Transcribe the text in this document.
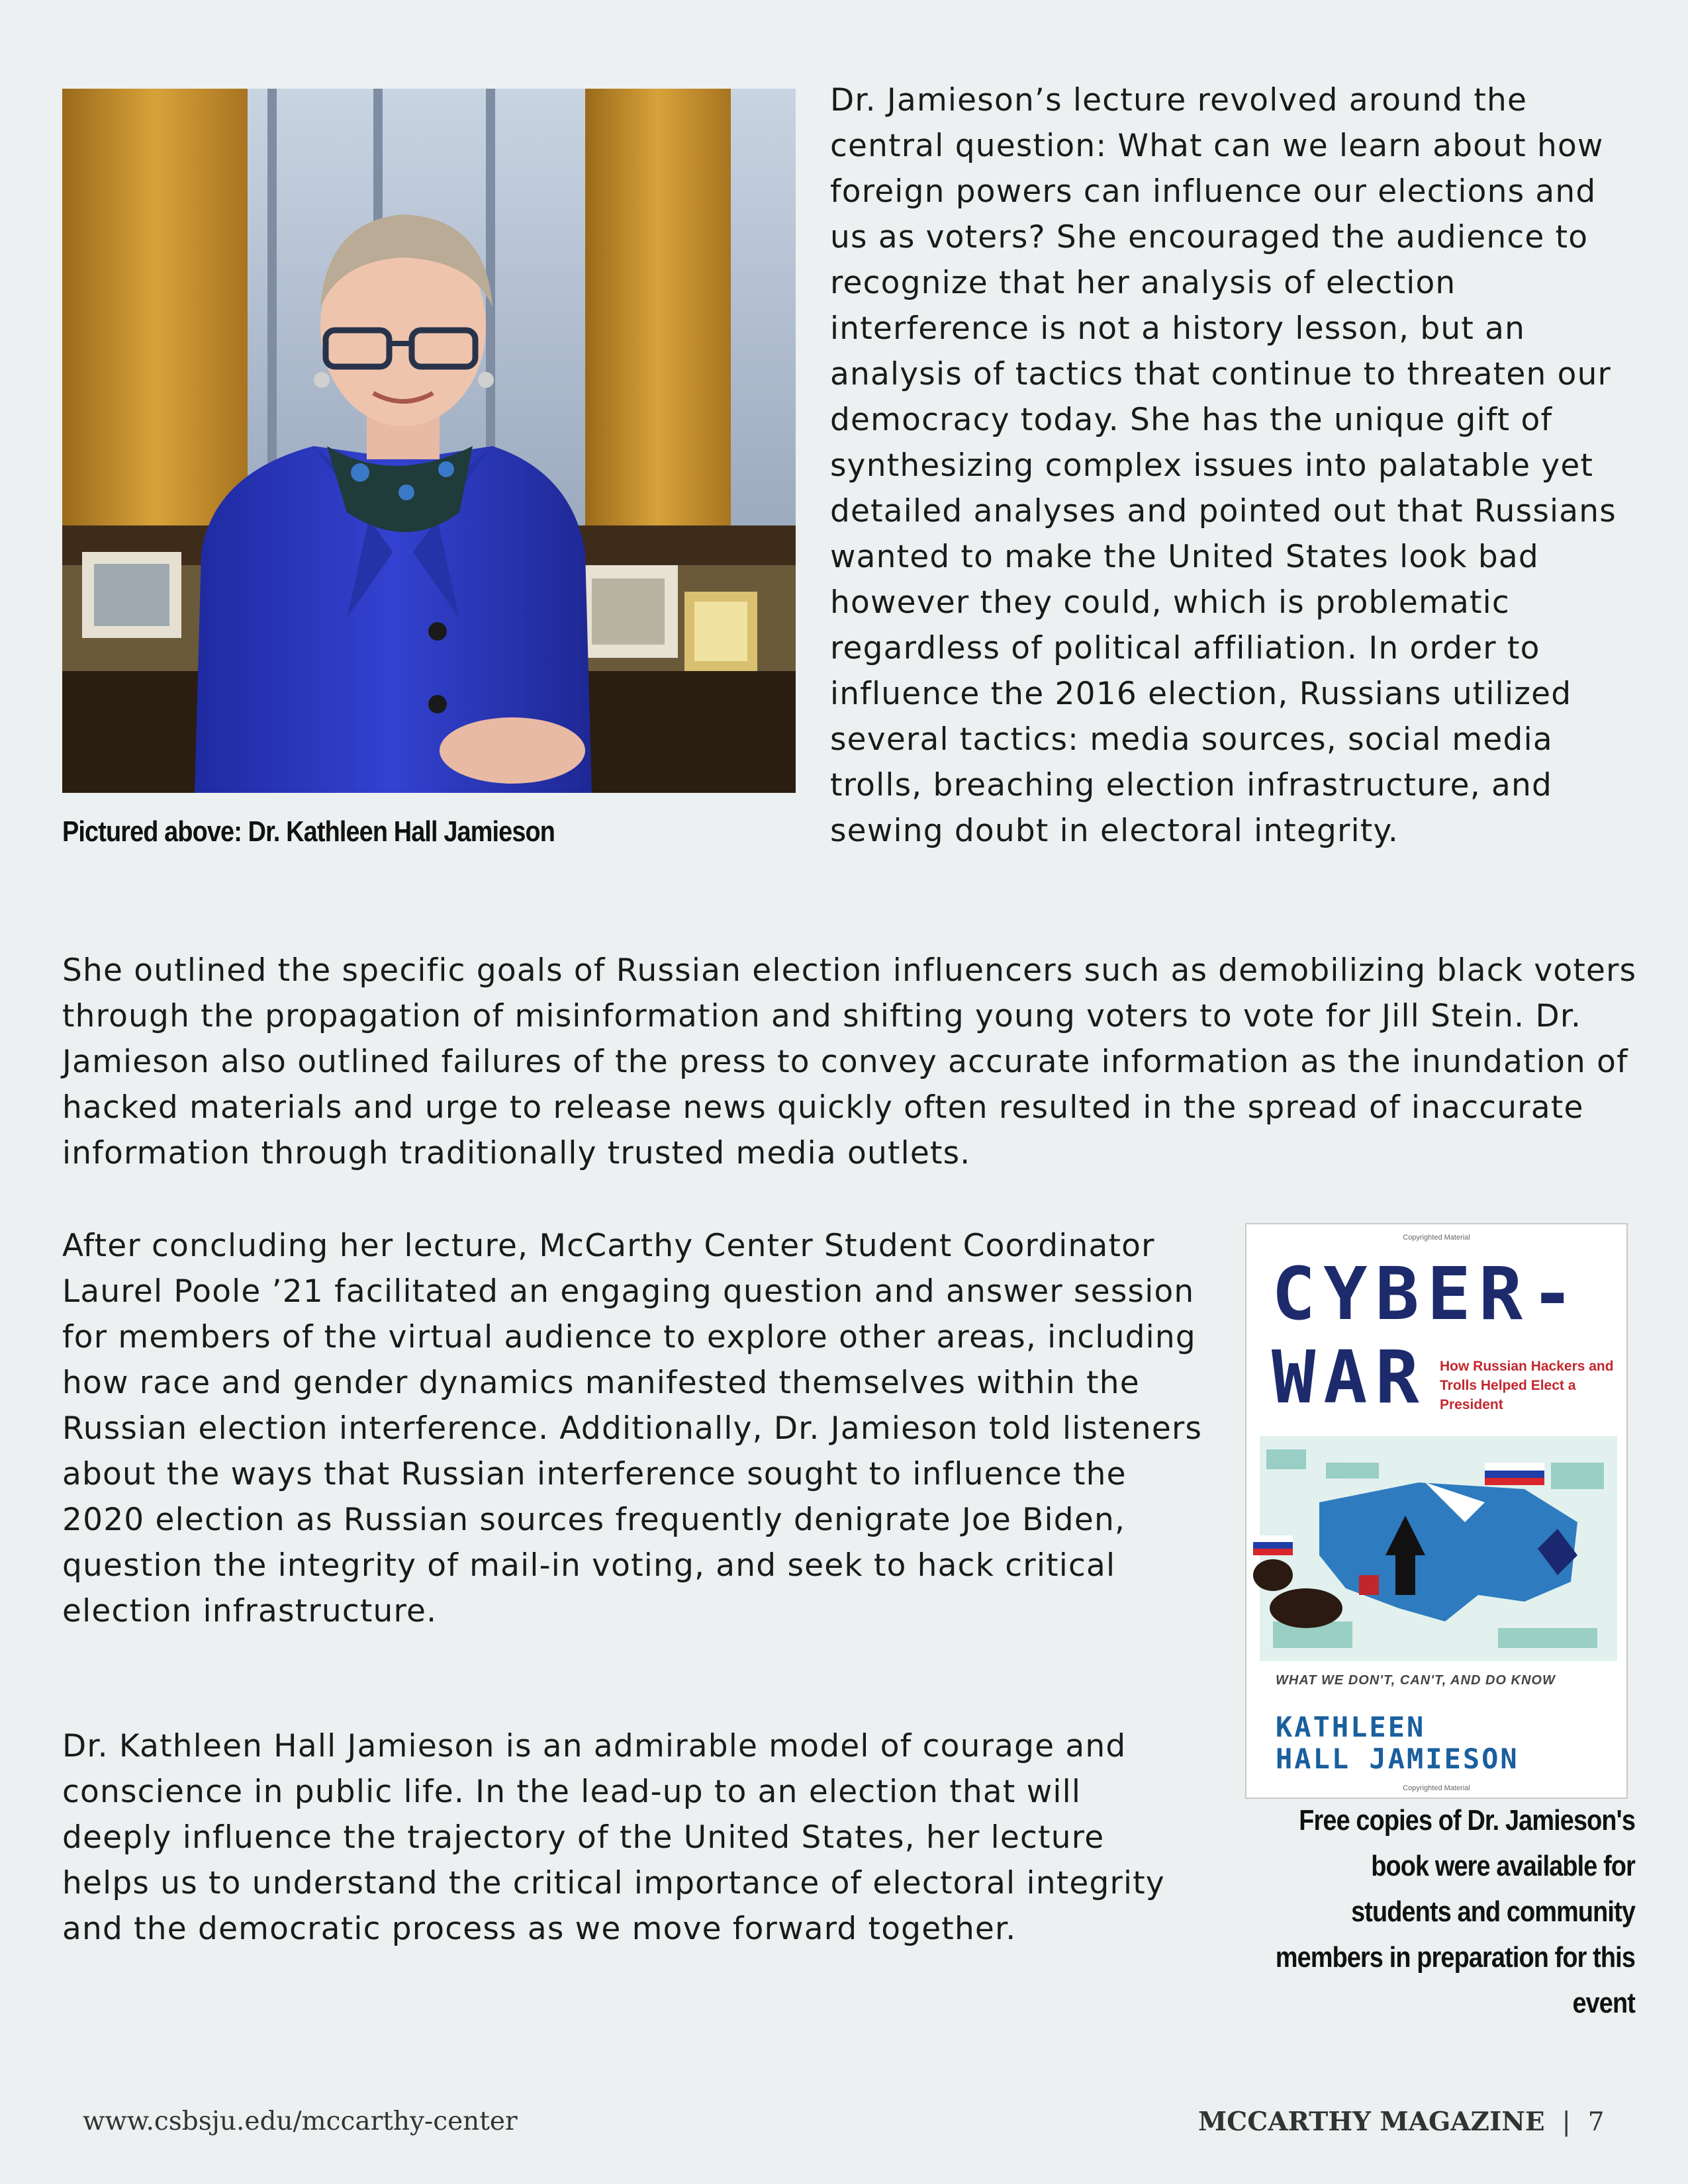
Pictured above: Dr. Kathleen Hall Jamieson

Dr. Jamieson’s lecture revolved around the central question: What can we learn about how foreign powers can influence our elections and us as voters? She encouraged the audience to recognize that her analysis of election interference is not a history lesson, but an analysis of tactics that continue to threaten our democracy today. She has the unique gift of synthesizing complex issues into palatable yet detailed analyses and pointed out that Russians wanted to make the United States look bad however they could, which is problematic regardless of political affiliation. In order to influence the 2016 election, Russians utilized several tactics: media sources, social media trolls, breaching election infrastructure, and sewing doubt in electoral integrity.

She outlined the specific goals of Russian election influencers such as demobilizing black voters through the propagation of misinformation and shifting young voters to vote for Jill Stein. Dr. Jamieson also outlined failures of the press to convey accurate information as the inundation of hacked materials and urge to release news quickly often resulted in the spread of inaccurate information through traditionally trusted media outlets.

After concluding her lecture, McCarthy Center Student Coordinator Laurel Poole ’21 facilitated an engaging question and answer session for members of the virtual audience to explore other areas, including how race and gender dynamics manifested themselves within the Russian election interference. Additionally, Dr. Jamieson told listeners about the ways that Russian interference sought to influence the 2020 election as Russian sources frequently denigrate Joe Biden, question the integrity of mail-in voting, and seek to hack critical election infrastructure.

Dr. Kathleen Hall Jamieson is an admirable model of courage and conscience in public life. In the lead-up to an election that will deeply influence the trajectory of the United States, her lecture helps us to understand the critical importance of electoral integrity and the democratic process as we move forward together.

Copyrighted Material
CYBER-
WAR How Russian Hackers and Trolls Helped Elect a President
WHAT WE DON'T, CAN'T, AND DO KNOW
KATHLEEN
HALL JAMIESON
Copyrighted Material

Free copies of Dr. Jamieson's book were available for students and community members in preparation for this event

www.csbsju.edu/mccarthy-center	MCCARTHY MAGAZINE | 7
